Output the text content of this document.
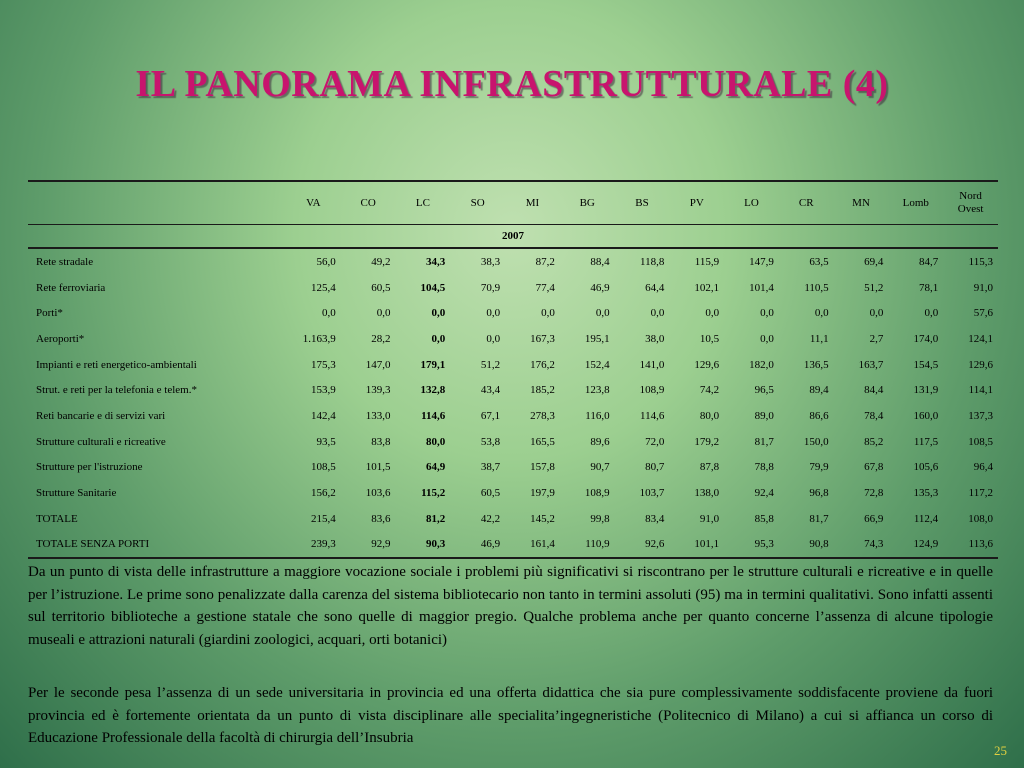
IL PANORAMA INFRASTRUTTURALE (4)
	VA	CO	LC	SO	MI	BG	BS	PV	LO	CR	MN	Lomb	Nord Ovest
2007													
Rete stradale	56,0	49,2	34,3	38,3	87,2	88,4	118,8	115,9	147,9	63,5	69,4	84,7	115,3
Rete ferroviaria	125,4	60,5	104,5	70,9	77,4	46,9	64,4	102,1	101,4	110,5	51,2	78,1	91,0
Porti*	0,0	0,0	0,0	0,0	0,0	0,0	0,0	0,0	0,0	0,0	0,0	0,0	57,6
Aeroporti*	1.163,9	28,2	0,0	0,0	167,3	195,1	38,0	10,5	0,0	11,1	2,7	174,0	124,1
Impianti e reti energetico-ambientali	175,3	147,0	179,1	51,2	176,2	152,4	141,0	129,6	182,0	136,5	163,7	154,5	129,6
Strut. e reti per la telefonia e telem.*	153,9	139,3	132,8	43,4	185,2	123,8	108,9	74,2	96,5	89,4	84,4	131,9	114,1
Reti bancarie e di servizi vari	142,4	133,0	114,6	67,1	278,3	116,0	114,6	80,0	89,0	86,6	78,4	160,0	137,3
Strutture culturali e ricreative	93,5	83,8	80,0	53,8	165,5	89,6	72,0	179,2	81,7	150,0	85,2	117,5	108,5
Strutture per l'istruzione	108,5	101,5	64,9	38,7	157,8	90,7	80,7	87,8	78,8	79,9	67,8	105,6	96,4
Strutture Sanitarie	156,2	103,6	115,2	60,5	197,9	108,9	103,7	138,0	92,4	96,8	72,8	135,3	117,2
TOTALE	215,4	83,6	81,2	42,2	145,2	99,8	83,4	91,0	85,8	81,7	66,9	112,4	108,0
TOTALE SENZA PORTI	239,3	92,9	90,3	46,9	161,4	110,9	92,6	101,1	95,3	90,8	74,3	124,9	113,6

Da un punto di vista delle infrastrutture a maggiore vocazione sociale i problemi più significativi si riscontrano per le strutture culturali e ricreative e in quelle per l’istruzione. Le prime sono penalizzate dalla carenza del sistema bibliotecario non tanto in termini assoluti (95) ma in termini qualitativi. Sono infatti assenti sul territorio biblioteche a gestione statale che sono quelle di maggior pregio. Qualche problema anche per quanto concerne l’assenza di alcune tipologie museali e attrazioni naturali (giardini zoologici, acquari, orti botanici)

Per le seconde pesa l’assenza di un sede universitaria in provincia ed una offerta didattica che sia pure complessivamente soddisfacente proviene da fuori provincia ed è fortemente orientata da un punto di vista disciplinare alle specialita’ingegneristiche (Politecnico di Milano) a cui si affianca un corso di Educazione Professionale della facoltà di chirurgia dell’Insubria

25
